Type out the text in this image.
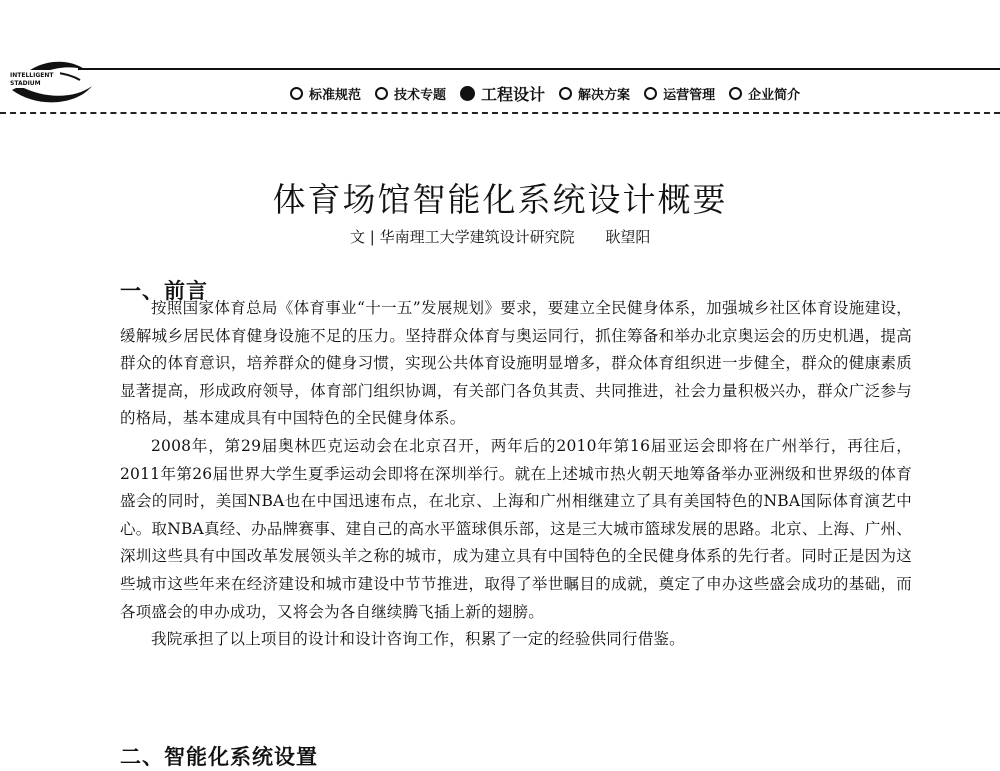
INTELLIGENT
STADIUM
标准规范	技术专题 工程设计	解决方案	运营管理	企业简介
体育场馆智能化系统设计概要
文 | 华南理工大学建筑设计研究院 耿望阳
一、前言

按照国家体育总局《体育事业“十一五”发展规划》要求，要建立全民健身体系，加强城乡社区体育设施建设，缓解城乡居民体育健身设施不足的压力。坚持群众体育与奥运同行，抓住筹备和举办北京奥运会的历史机遇，提高群众的体育意识，培养群众的健身习惯，实现公共体育设施明显增多，群众体育组织进一步健全，群众的健康素质显著提高，形成政府领导，体育部门组织协调，有关部门各负其责、共同推进，社会力量积极兴办，群众广泛参与的格局，基本建成具有中国特色的全民健身体系。

2008年，第29届奥林匹克运动会在北京召开，两年后的2010年第16届亚运会即将在广州举行，再往后，2011年第26届世界大学生夏季运动会即将在深圳举行。就在上述城市热火朝天地筹备举办亚洲级和世界级的体育盛会的同时，美国NBA也在中国迅速布点，在北京、上海和广州相继建立了具有美国特色的NBA国际体育演艺中心。取NBA真经、办品牌赛事、建自己的高水平篮球俱乐部，这是三大城市篮球发展的思路。北京、上海、广州、深圳这些具有中国改革发展领头羊之称的城市，成为建立具有中国特色的全民健身体系的先行者。同时正是因为这些城市这些年来在经济建设和城市建设中节节推进，取得了举世瞩目的成就，奠定了申办这些盛会成功的基础，而各项盛会的申办成功，又将会为各自继续腾飞插上新的翅膀。

我院承担了以上项目的设计和设计咨询工作，积累了一定的经验供同行借鉴。

二、智能化系统设置
